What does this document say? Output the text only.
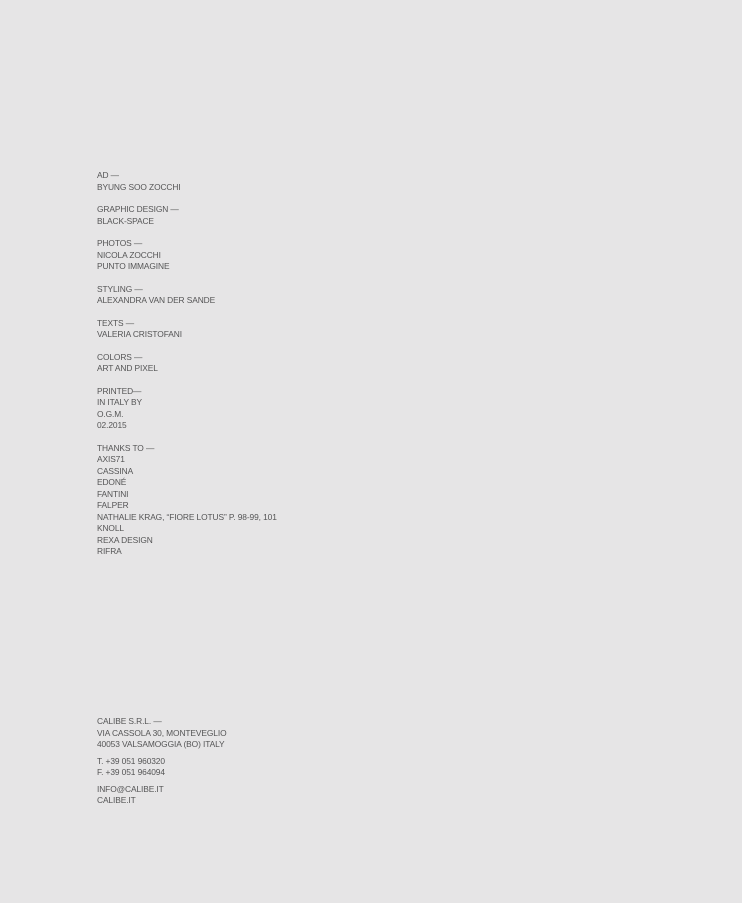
AD —
BYUNG SOO ZOCCHI
GRAPHIC DESIGN —
BLACK-SPACE
PHOTOS —
NICOLA ZOCCHI
PUNTO IMMAGINE
STYLING —
ALEXANDRA VAN DER SANDE
TEXTS —
VALERIA CRISTOFANI
COLORS —
ART AND PIXEL
PRINTED—
IN ITALY BY
O.G.M.
02.2015
THANKS TO —
AXIS71
CASSINA
EDONÉ
FANTINI
FALPER
NATHALIE KRAG, “FIORE LOTUS” P. 98-99, 101
KNOLL
REXA DESIGN
RIFRA
CALIBE S.R.L. —
VIA CASSOLA 30, MONTEVEGLIO
40053 VALSAMOGGIA (BO) ITALY
T. +39 051 960320
F. +39 051 964094
INFO@CALIBE.IT
CALIBE.IT
